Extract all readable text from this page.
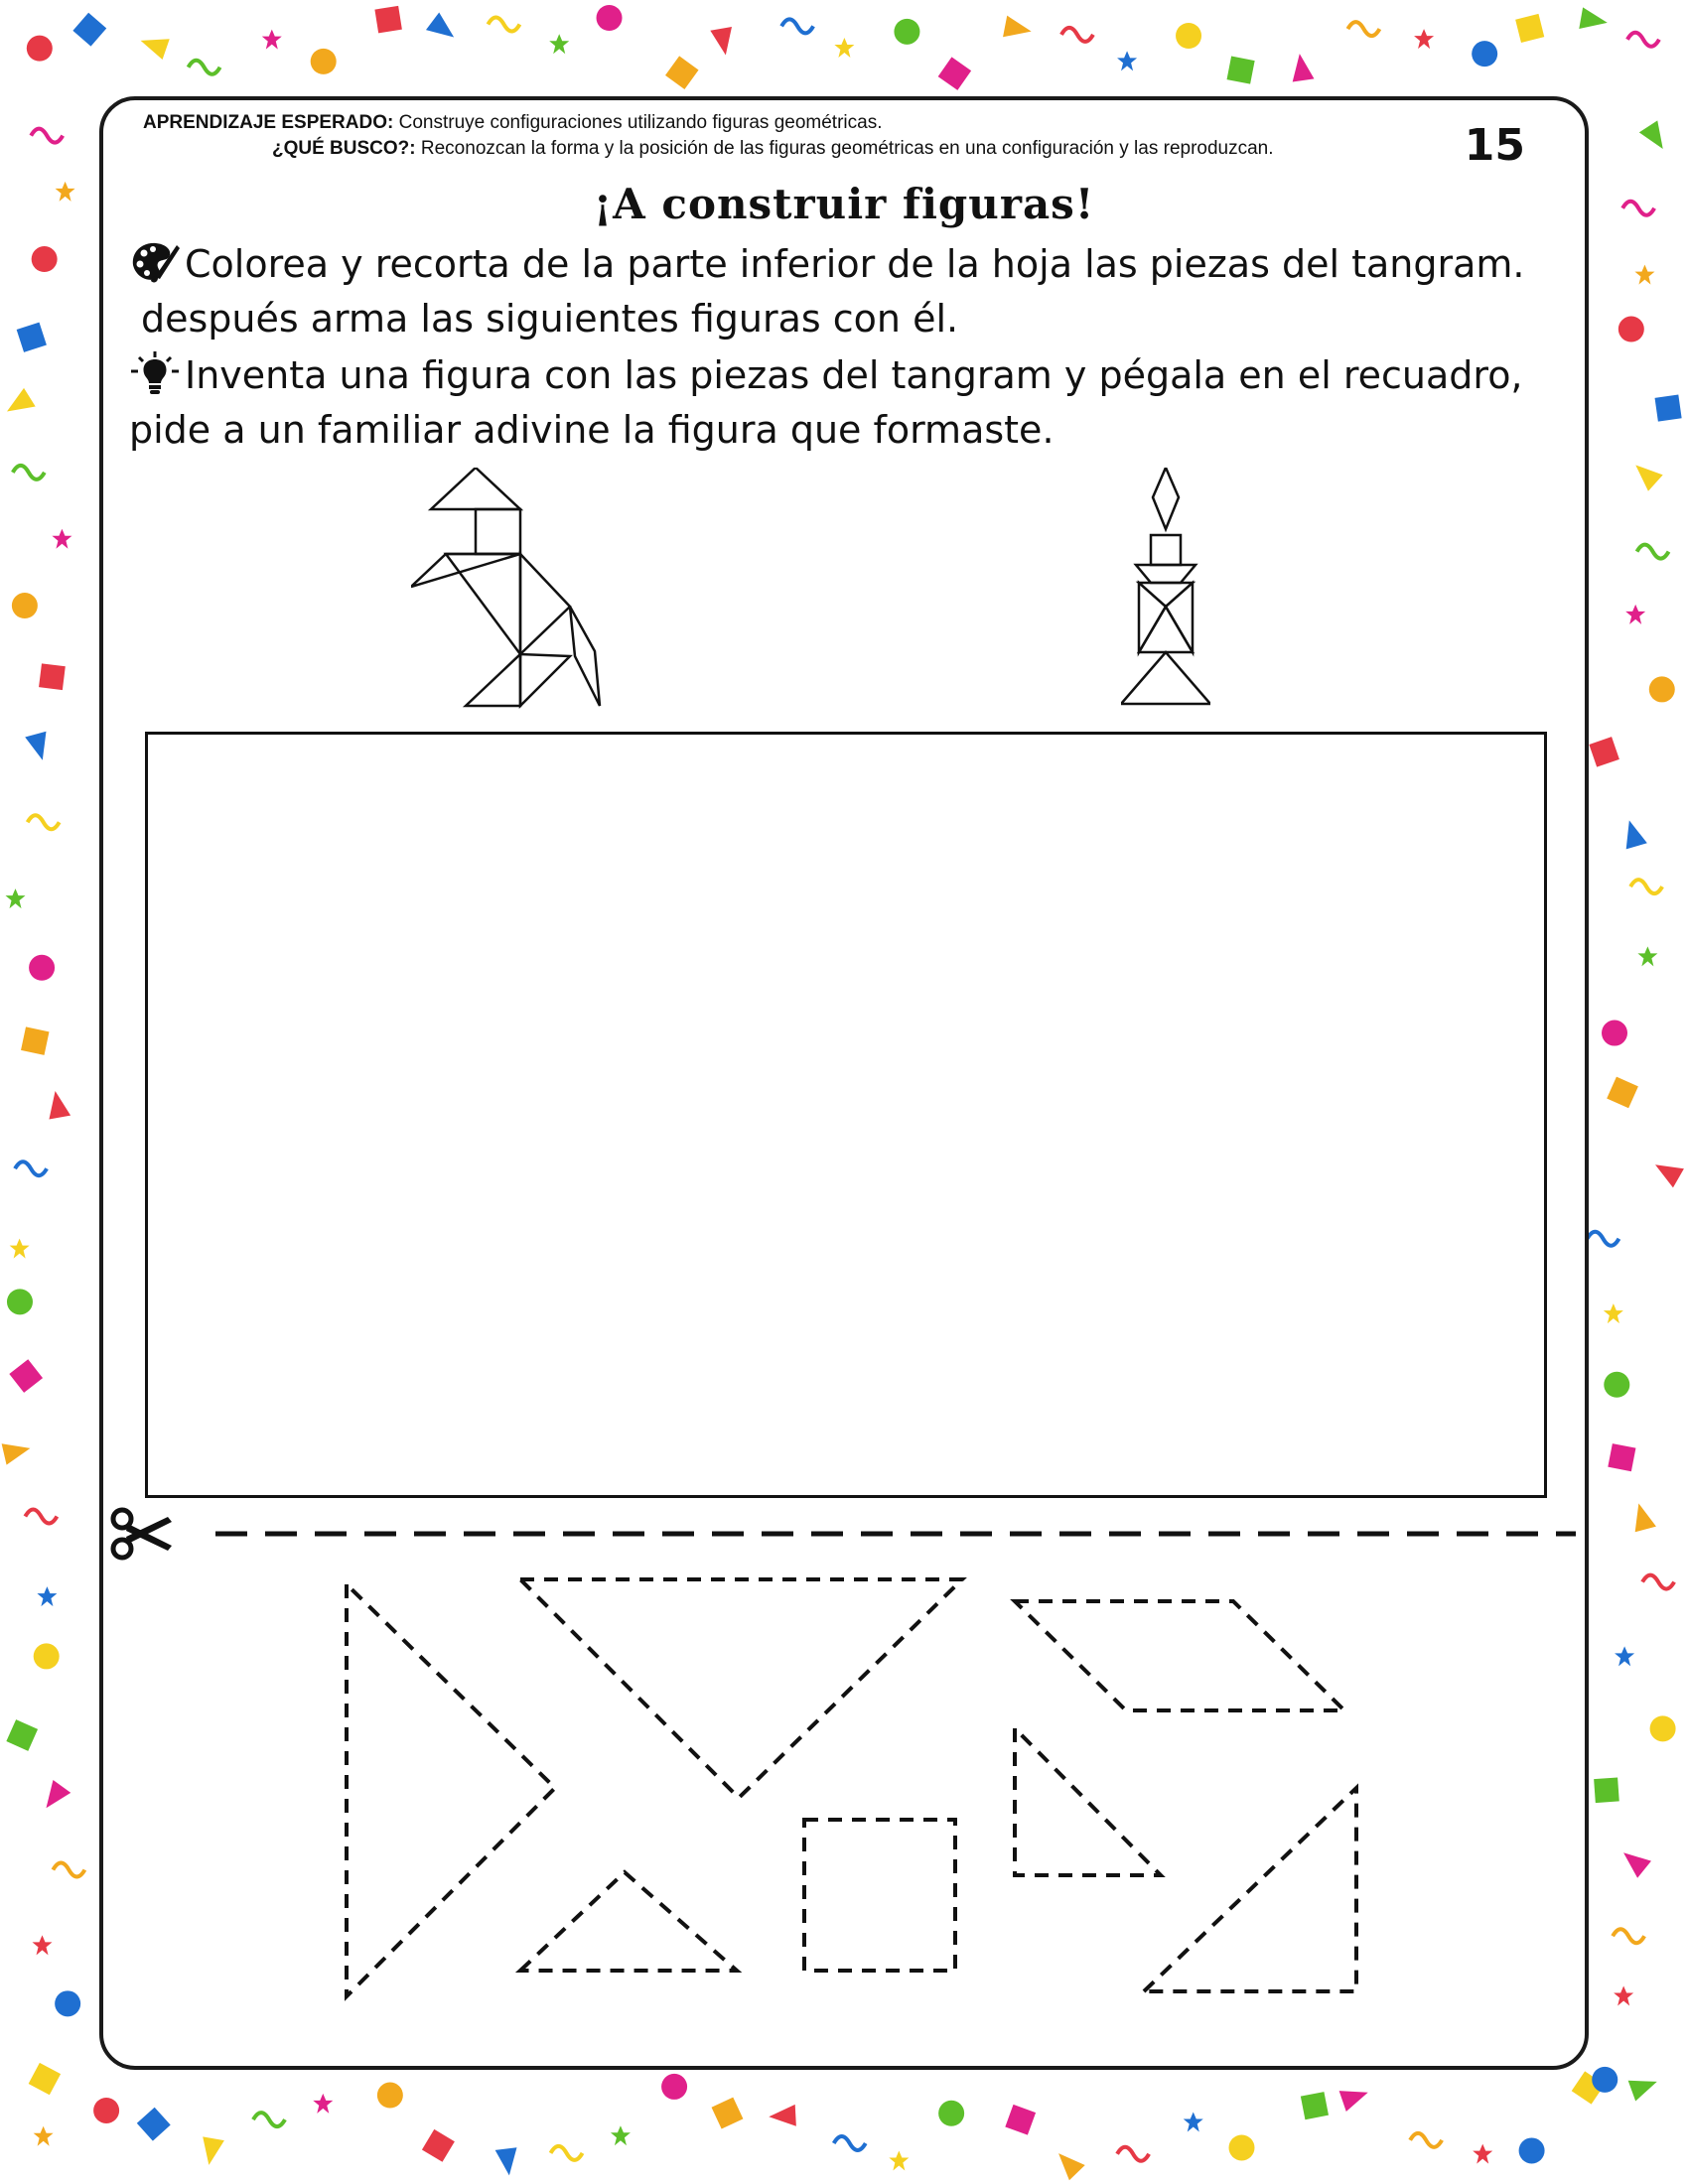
APRENDIZAJE ESPERADO: Construye configuraciones utilizando figuras geométricas.
¿QUÉ BUSCO?: Reconozcan la forma y la posición de las figuras geométricas en una configuración y las reproduzcan.	15
¡A construir figuras!
Colorea y recorta de la parte inferior de la hoja las piezas del tangram.
después arma las siguientes figuras con él.
Inventa una figura con las piezas del tangram y pégala en el recuadro,
pide a un familiar adivine la figura que formaste.
